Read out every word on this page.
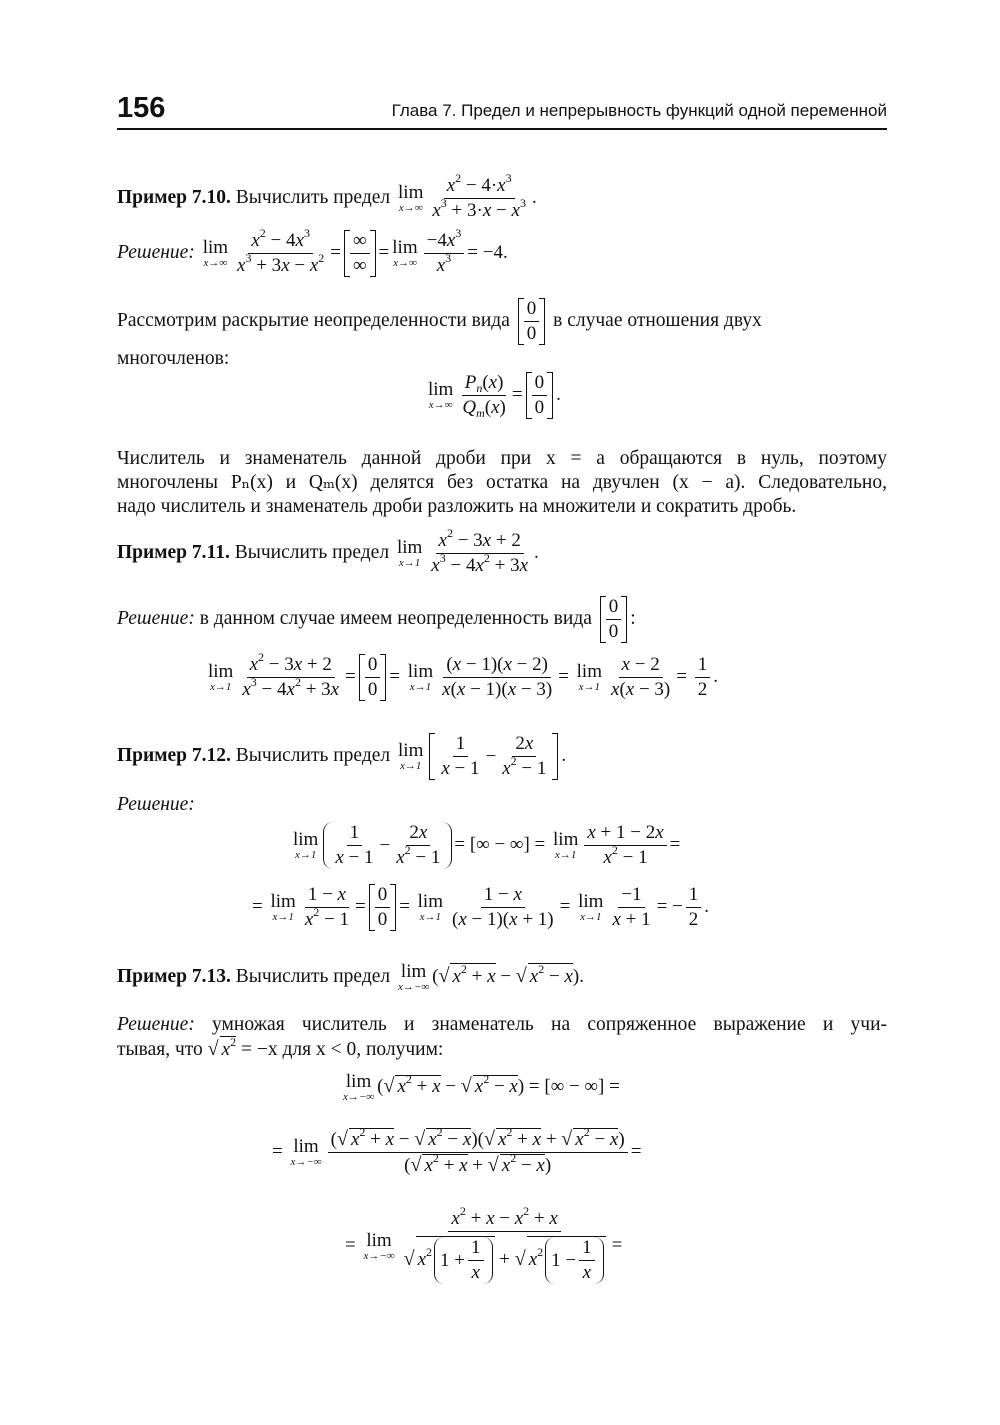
156	Глава 7. Предел и непрерывность функций одной переменной
Пример 7.10. Вычислить предел lim
$x\to\infty \frac{x^2 - 4\cdot x^3}{x^3 + 3\cdot x - x^3}$ .
Решение: lim
$x\to\infty \frac{x^2 - 4x^3}{x^3 + 3x - x^2} = \frac{\infty}{\infty} = \lim$
$x\to\infty \frac{-4x^3}{x^3} = -4$.
Рассмотрим раскрытие неопределенности вида $\frac{0}{0}$ в случае отношения двух
многочленов:
lim
$x\to\infty \frac{P_n(x)}{Q_m(x)} = \frac{0}{0}$ .
Числитель и знаменатель данной дроби при x = a обращаются в нуль, поэтому
многочлены Pₙ(x) и Qₘ(x) делятся без остатка на двучлен (x − a). Следовательно,
надо числитель и знаменатель дроби разложить на множители и сократить дробь.
Пример 7.11. Вычислить предел lim
$x\to 1 \frac{x^2 - 3x + 2}{x^3 - 4x^2 + 3x}$ .
Решение: в данном случае имеем неопределенность вида $\frac{0}{0}$ :
lim
$x\to 1 \frac{x^2 - 3x + 2}{x^3 - 4x^2 + 3x} = \frac{0}{0} = \lim$
$x\to 1 \frac{(x - 1)(x - 2)}{x(x - 1)(x - 3)} = \lim$
$x\to 1 \frac{x - 2}{x(x - 3)} = \frac{1}{2}$ .
Пример 7.12. Вычислить предел lim
$x\to 1 \frac{1}{x - 1} - \frac{2x}{x^2 - 1}$ .
Решение:
lim
$x\to 1 \frac{1}{x - 1} - \frac{2x}{x^2 - 1}$ = [∞ − ∞] = lim
$x\to 1 \frac{x + 1 - 2x}{x^2 - 1}$ =
= lim
$x\to 1 \frac{1 - x}{x^2 - 1} = \frac{0}{0} = \lim$
$x\to 1 \frac{1 - x}{(x - 1)(x + 1)} = \lim$
$x\to 1 \frac{-1}{x + 1}$ = − $\frac{1}{2}$ .
Пример 7.13. Вычислить предел lim
x→−∞
(√ $x^2 + x$ − √ $x^2 - x$).
Решение: умножая числитель и знаменатель на сопряженное выражение и учи-
тывая, что √ $x^2 = -x$ для x < 0, получим:
lim
x→−∞
(√ $x^2 + x$ − √ $x^2 - x$) = [∞ − ∞] =
= lim
$x\to-\infty \frac{(√ x^2 + x - √ x^2 - x)(√ x^2 + x + √ x^2 - x)}{(√ x^2 + x + √ x^2 - x)}$ =
= lim
$x\to-\infty \frac{x^2 + x - x^2 + x}{√ x^2 1 + \frac{1}{x} + √ x^2 1 - \frac{1}{x}}$ =
